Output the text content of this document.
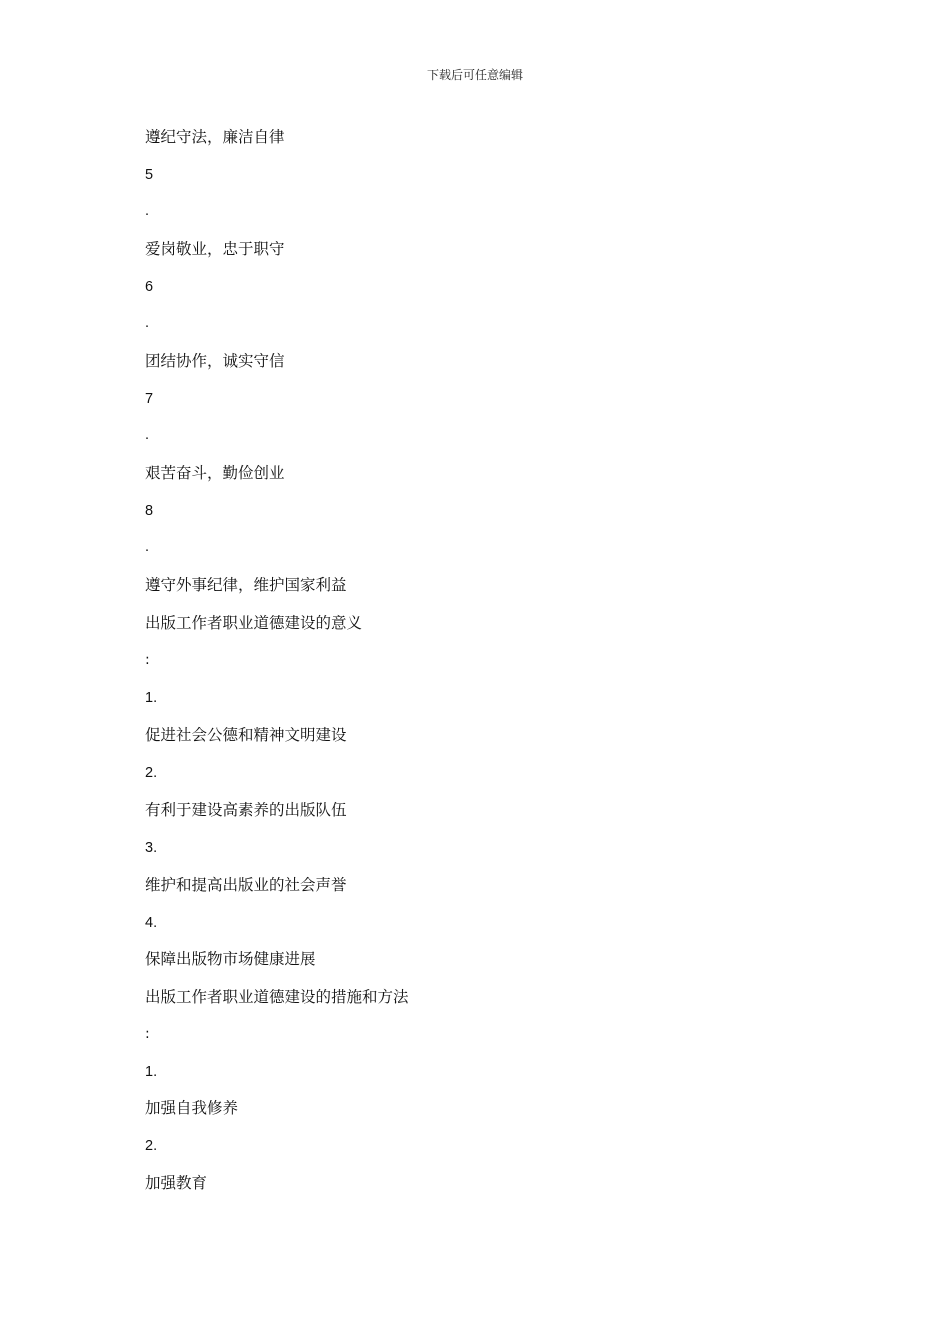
下载后可任意编辑
遵纪守法，廉洁自律
5
.
爱岗敬业，忠于职守
6
.
团结协作，诚实守信
7
.
艰苦奋斗，勤俭创业
8
.
遵守外事纪律，维护国家利益
出版工作者职业道德建设的意义
:
1.
促进社会公德和精神文明建设
2.
有利于建设高素养的出版队伍
3.
维护和提高出版业的社会声誉
4.
保障出版物市场健康进展
出版工作者职业道德建设的措施和方法
:
1.
加强自我修养
2.
加强教育
